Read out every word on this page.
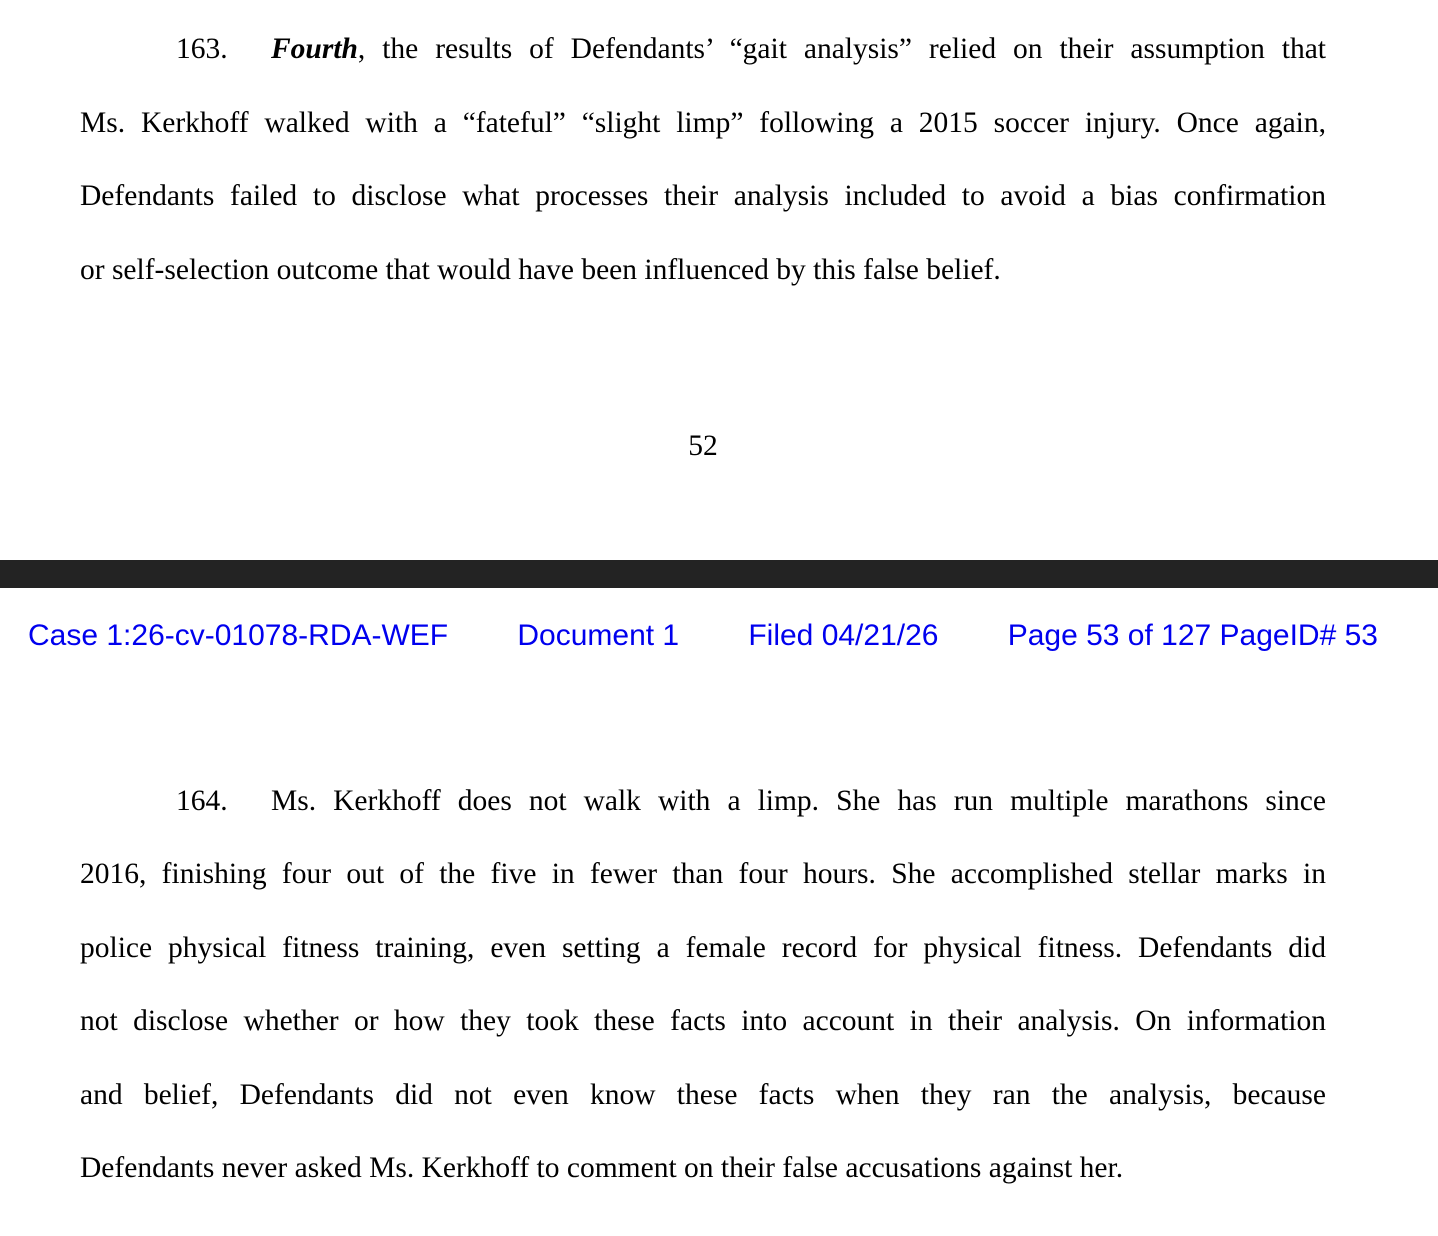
163.	Fourth, the results of Defendants’ “gait analysis” relied on their assumption that
Ms. Kerkhoff walked with a “fateful” “slight limp” following a 2015 soccer injury. Once again,
Defendants failed to disclose what processes their analysis included to avoid a bias confirmation
or self-selection outcome that would have been influenced by this false belief.
52
Case 1:26-cv-01078-RDA-WEF Document 1 Filed 04/21/26 Page 53 of 127 PageID# 53
164.	Ms. Kerkhoff does not walk with a limp. She has run multiple marathons since
2016, finishing four out of the five in fewer than four hours. She accomplished stellar marks in
police physical fitness training, even setting a female record for physical fitness. Defendants did
not disclose whether or how they took these facts into account in their analysis. On information
and belief, Defendants did not even know these facts when they ran the analysis, because
Defendants never asked Ms. Kerkhoff to comment on their false accusations against her.
